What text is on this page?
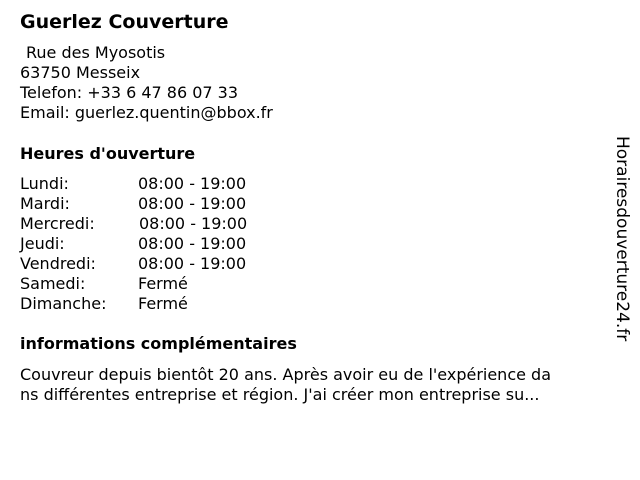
Guerlez Couverture
Rue des Myosotis
63750 Messeix
Telefon: +33 6 47 86 07 33
Email: guerlez.quentin@bbox.fr
Heures d'ouverture
Lundi:	08:00 - 19:00
Mardi:	08:00 - 19:00
Mercredi:	08:00 - 19:00
Jeudi:	08:00 - 19:00
Vendredi:	08:00 - 19:00
Samedi:	Fermé
Dimanche: Fermé
informations complémentaires
Couvreur depuis bientôt 20 ans. Après avoir eu de l'expérience da
ns différentes entreprise et région. J'ai créer mon entreprise su...
Horairesdouverture24.fr
